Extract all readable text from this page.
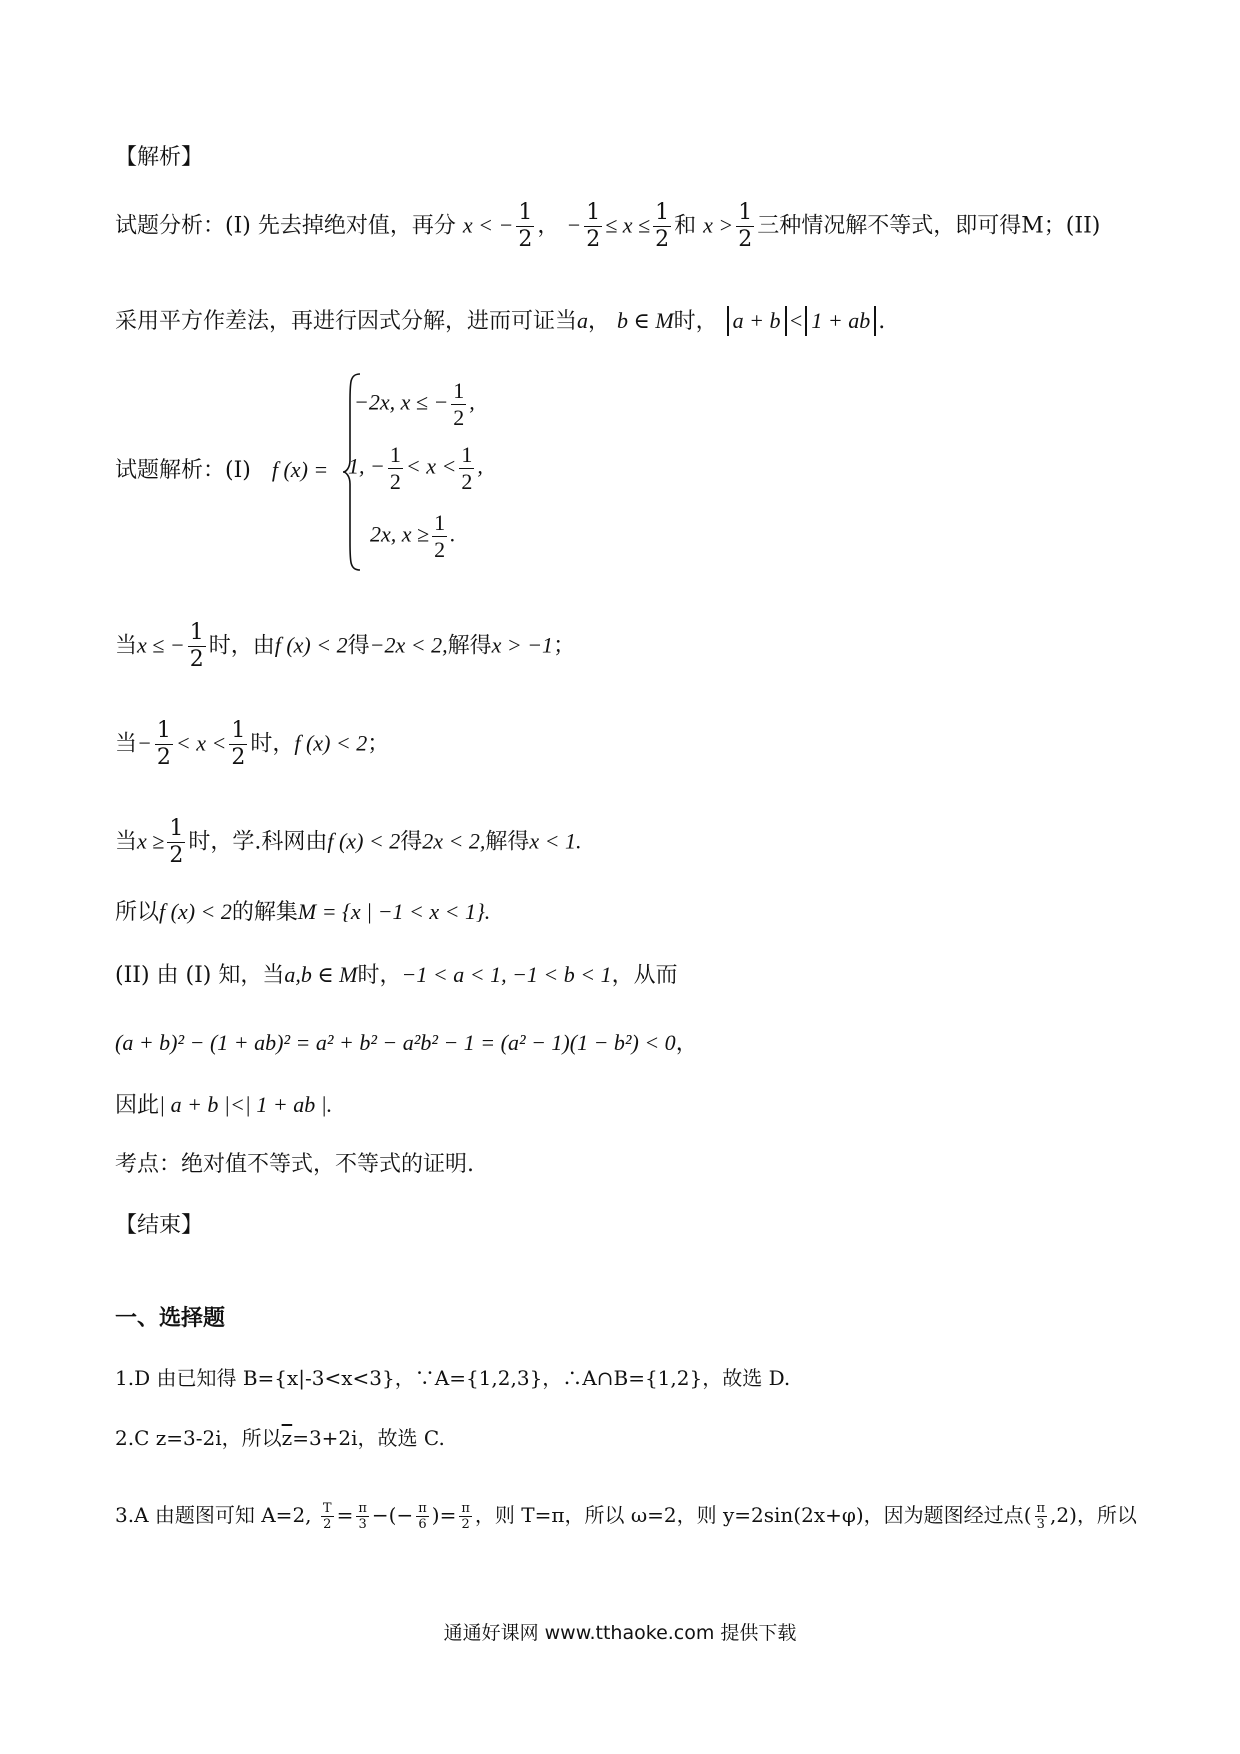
【解析】
试题分析：(I) 先去掉绝对值，再分 x < − $\frac{1}{2}$ ， − $\frac{1}{2} \le x \le \frac{1}{2}$ 和 $x > \frac{1}{2}$ 三种情况解不等式，即可得M；(II)
采用平方作差法，再进行因式分解，进而可证当a， b ∈ M时， a + b < 1 + ab .
试题解析：(I) f (x) =
−2x, x ≤ − $\frac{1}{2}$ ,
1, − $\frac{1}{2} < x < \frac{1}{2}$ ,
2x, $x \ge \frac{1}{2}$ .
当x ≤ − $\frac{1}{2}$ 时，由f (x) < 2得−2x < 2,解得x > −1；
当− $\frac{1}{2} < x < \frac{1}{2}$ 时，f (x) < 2；
当$x \ge \frac{1}{2}$ 时，学.科网由f (x) < 2得2x < 2,解得x < 1.
所以f (x) < 2的解集M = {x | −1 < x < 1}.
(II) 由 (I) 知，当a,b ∈ M时，−1 < a < 1, −1 < b < 1，从而
(a + b)² − (1 + ab)² = a² + b² − a²b² − 1 = (a² − 1)(1 − b²) < 0，
因此| a + b |<| 1 + ab |.
考点：绝对值不等式，不等式的证明.
【结束】
一、选择题
1.D 由已知得 B={x|-3<x<3}，∵A={1,2,3}，∴A∩B={1,2}，故选 D.
2.C z=3-2i，所以$\overline{z}=3+2i$，故选 C.
3.A 由题图可知 A=2, $\frac{T}{2} = \frac{\pi}{3}$ −(− $\frac{\pi}{6}$ )= $\frac{\pi}{2}$ ，则 T=π，所以 ω=2，则 y=2sin(2x+φ)，因为题图经过点( $\frac{\pi}{3} ,2$)，所以
通通好课网 www.tthaoke.com 提供下载
